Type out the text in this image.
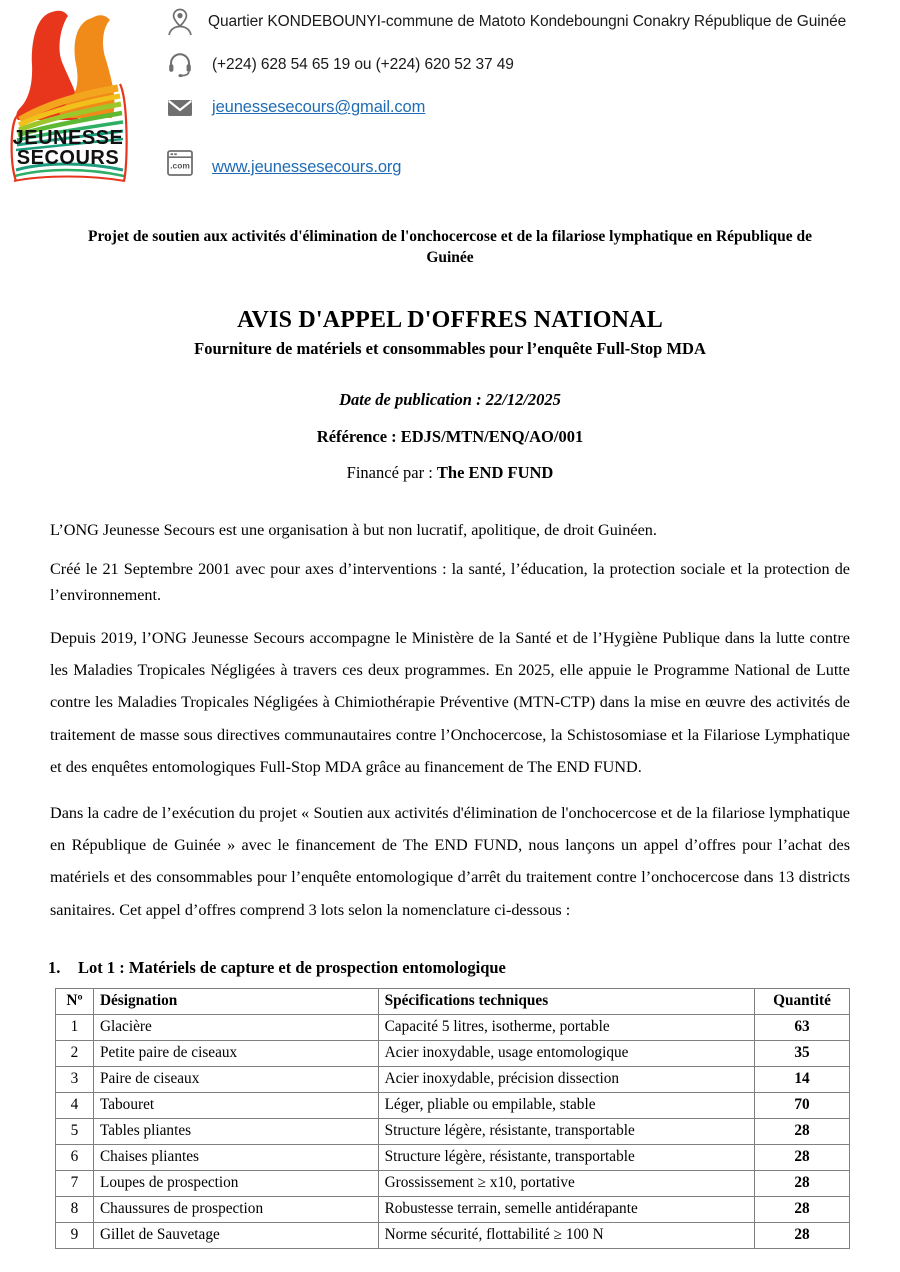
JEUNESSE
SECOURS
Quartier KONDEBOUNYI-commune de Matoto Kondeboungni Conakry République de Guinée
(+224) 628 54 65 19 ou (+224) 620 52 37 49
jeunessesecours@gmail.com
.com	www.jeunessesecours.org
Projet de soutien aux activités d'élimination de l'onchocercose et de la filariose lymphatique en République de Guinée
AVIS D'APPEL D'OFFRES NATIONAL
Fourniture de matériels et consommables pour l’enquête Full-Stop MDA
Date de publication : 22/12/2025
Référence : EDJS/MTN/ENQ/AO/001
Financé par : The END FUND

L’ONG Jeunesse Secours est une organisation à but non lucratif, apolitique, de droit Guinéen.

Créé le 21 Septembre 2001 avec pour axes d’interventions : la santé, l’éducation, la protection sociale et la protection de l’environnement.

Depuis 2019, l’ONG Jeunesse Secours accompagne le Ministère de la Santé et de l’Hygiène Publique dans la lutte contre les Maladies Tropicales Négligées à travers ces deux programmes. En 2025, elle appuie le Programme National de Lutte contre les Maladies Tropicales Négligées à Chimiothérapie Préventive (MTN-CTP) dans la mise en œuvre des activités de traitement de masse sous directives communautaires contre l’Onchocercose, la Schistosomiase et la Filariose Lymphatique et des enquêtes entomologiques Full-Stop MDA grâce au financement de The END FUND.

Dans la cadre de l’exécution du projet « Soutien aux activités d'élimination de l'onchocercose et de la filariose lymphatique en République de Guinée » avec le financement de The END FUND, nous lançons un appel d’offres pour l’achat des matériels et des consommables pour l’enquête entomologique d’arrêt du traitement contre l’onchocercose dans 13 districts sanitaires. Cet appel d’offres comprend 3 lots selon la nomenclature ci-dessous :

1. Lot 1 : Matériels de capture et de prospection entomologique
Nº	Désignation	Spécifications techniques	Quantité
1	Glacière	Capacité 5 litres, isotherme, portable	63
2	Petite paire de ciseaux	Acier inoxydable, usage entomologique	35
3	Paire de ciseaux	Acier inoxydable, précision dissection	14
4	Tabouret	Léger, pliable ou empilable, stable	70
5	Tables pliantes	Structure légère, résistante, transportable	28
6	Chaises pliantes	Structure légère, résistante, transportable	28
7	Loupes de prospection	Grossissement ≥ x10, portative	28
8	Chaussures de prospection	Robustesse terrain, semelle antidérapante	28
9	Gillet de Sauvetage	Norme sécurité, flottabilité ≥ 100 N	28
